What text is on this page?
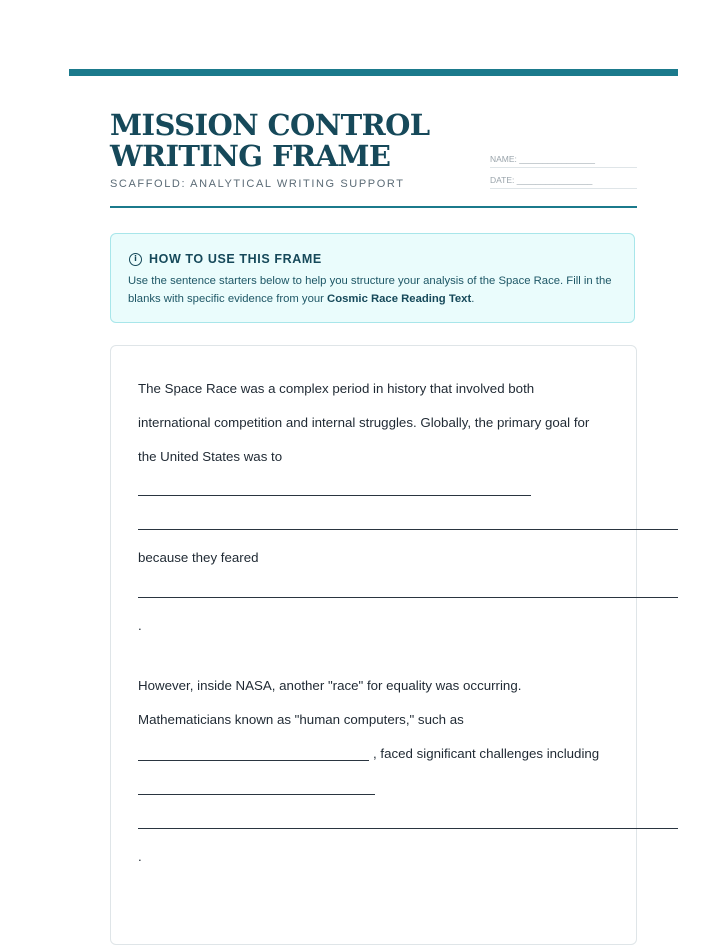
MISSION CONTROL
WRITING FRAME
SCAFFOLD: ANALYTICAL WRITING SUPPORT
NAME: ________________
DATE: ________________
i HOW TO USE THIS FRAME
Use the sentence starters below to help you structure your analysis of the Space Race. Fill in the blanks with specific evidence from your Cosmic Race Reading Text.

The Space Race was a complex period in history that involved both

international competition and internal struggles. Globally, the primary goal for

the United States was to

because they feared

.

However, inside NASA, another "race" for equality was occurring.

Mathematicians known as "human computers," such as

, faced significant challenges including

.
